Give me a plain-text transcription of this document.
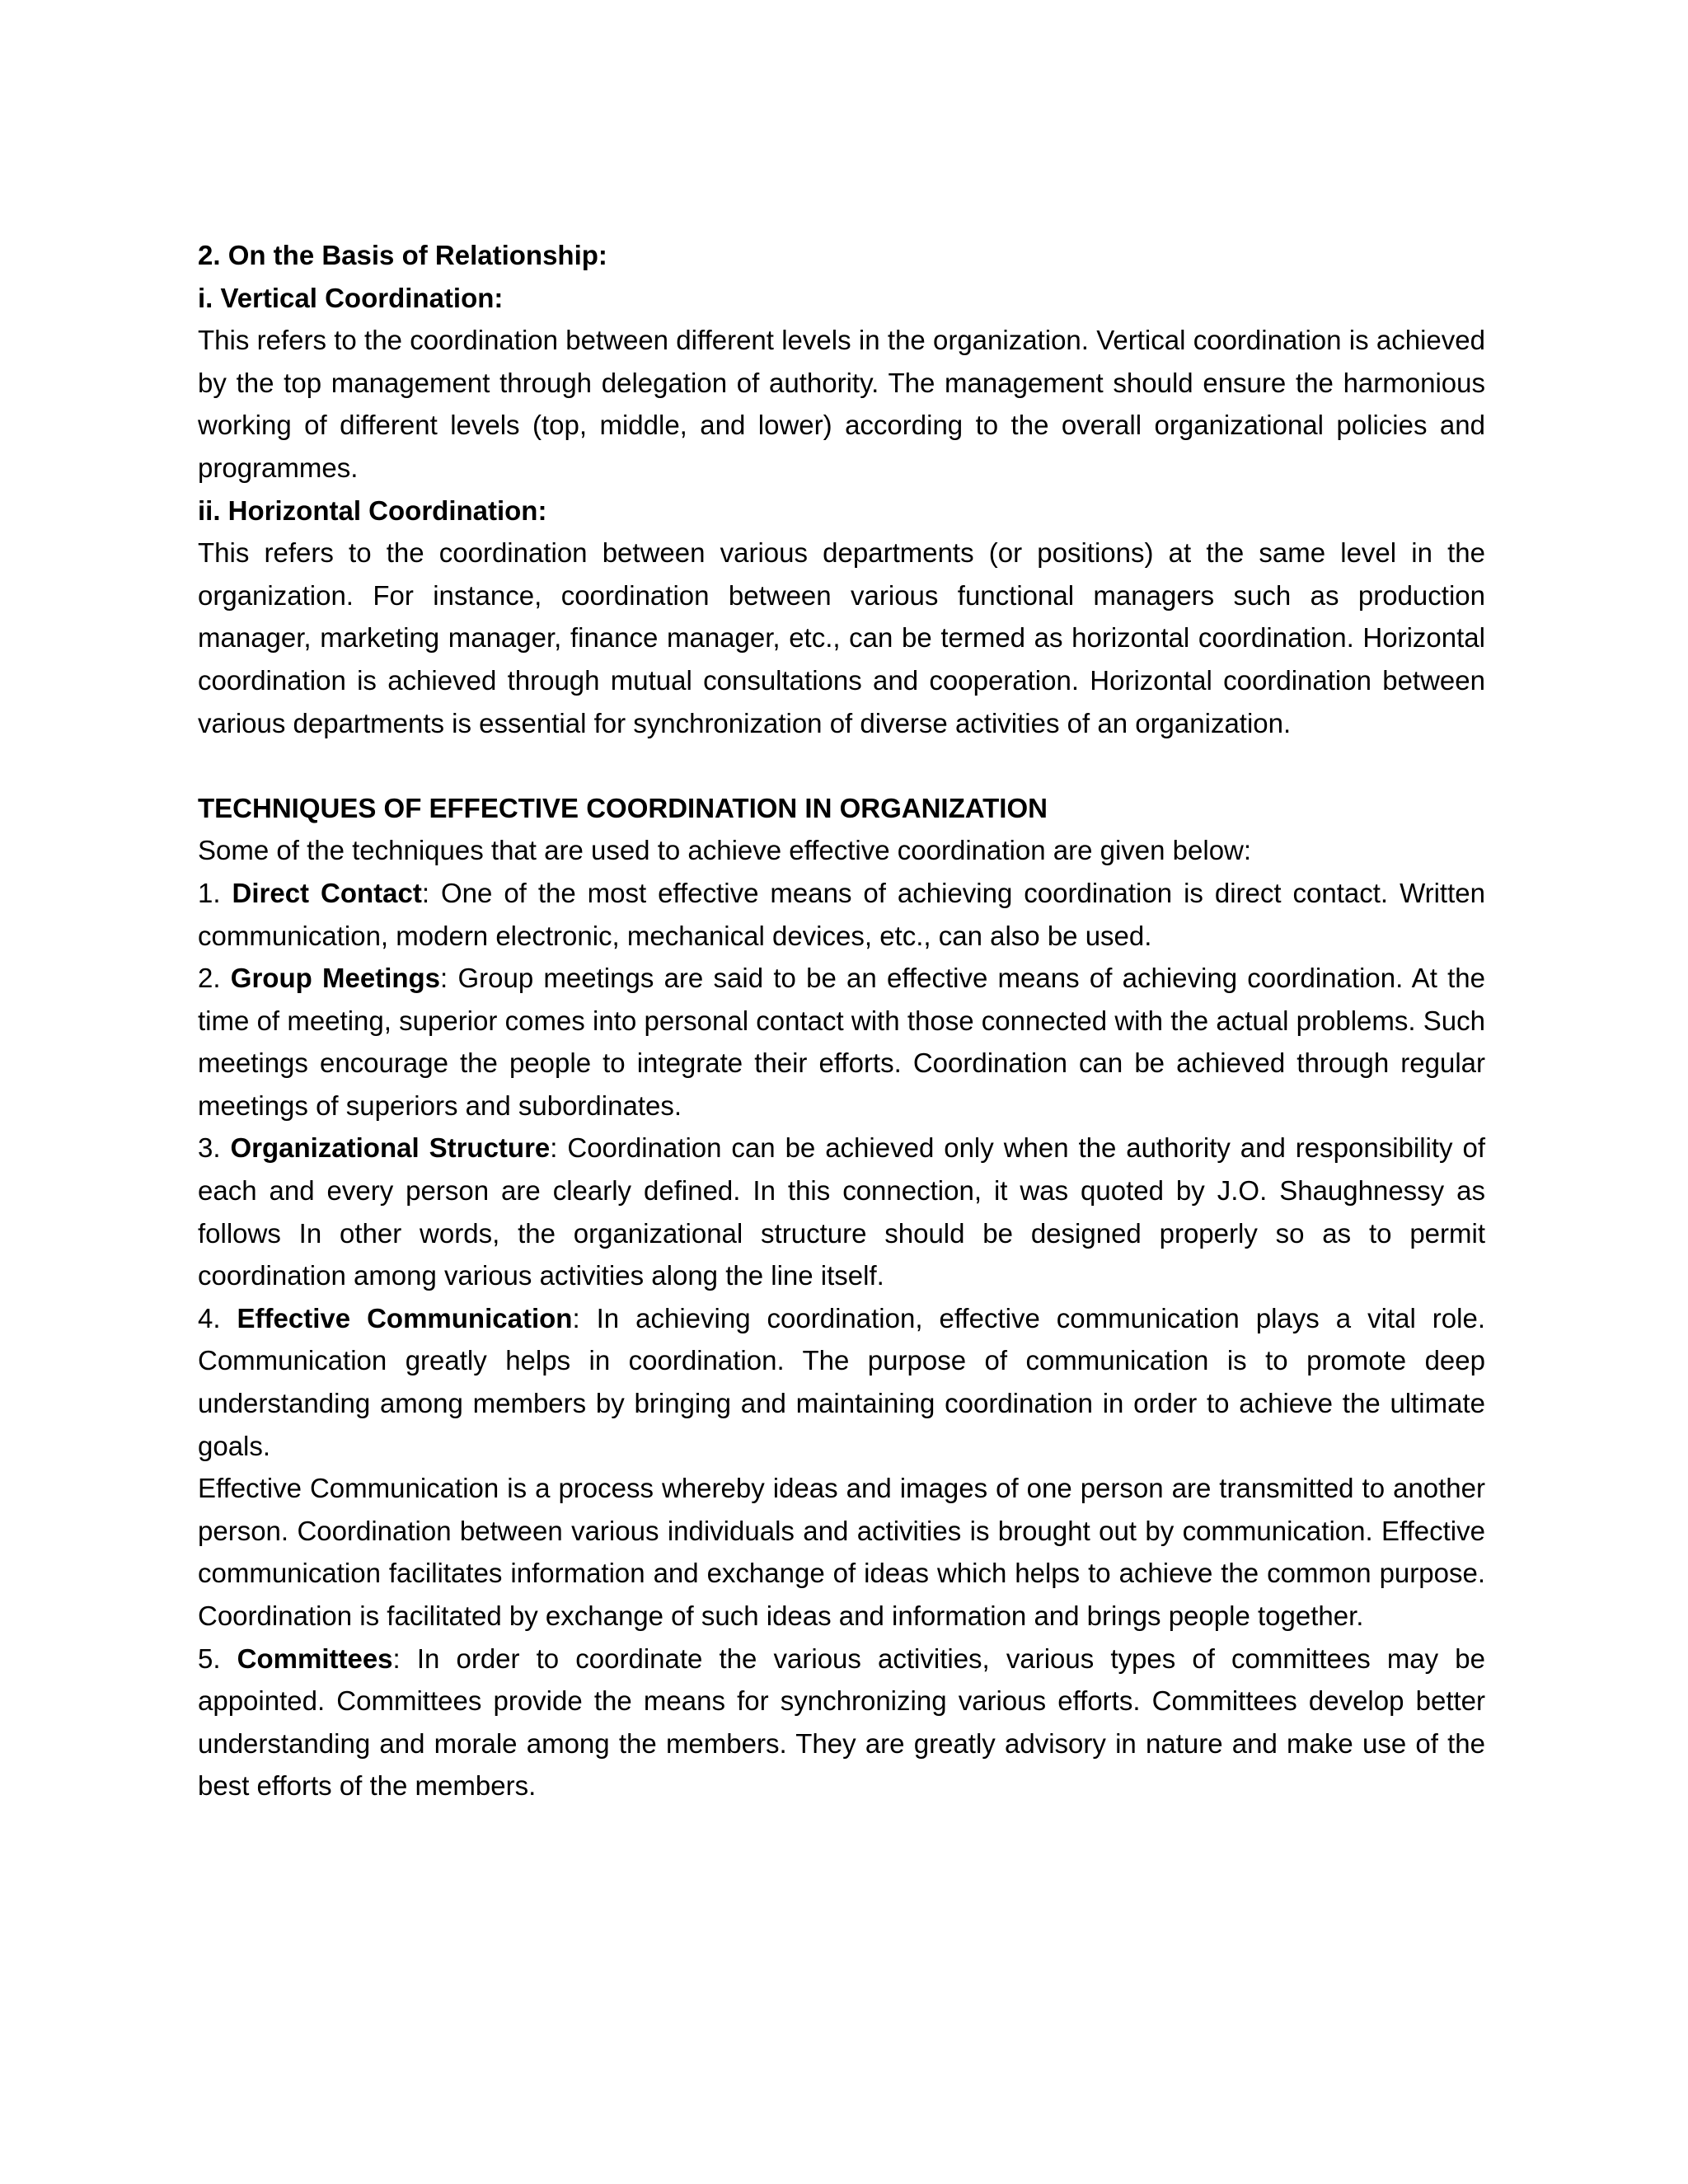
2. On the Basis of Relationship:

i. Vertical Coordination:

This refers to the coordination between different levels in the organization. Vertical coordination is achieved by the top management through delegation of authority. The management should ensure the harmonious working of different levels (top, middle, and lower) according to the overall organizational policies and programmes.

ii. Horizontal Coordination:

This refers to the coordination between various departments (or positions) at the same level in the organization. For instance, coordination between various functional managers such as production manager, marketing manager, finance manager, etc., can be termed as horizontal coordination. Horizontal coordination is achieved through mutual consultations and cooperation. Horizontal coordination between various departments is essential for synchronization of diverse activities of an organization.

TECHNIQUES OF EFFECTIVE COORDINATION IN ORGANIZATION

Some of the techniques that are used to achieve effective coordination are given below:

1. Direct Contact: One of the most effective means of achieving coordination is direct contact. Written communication, modern electronic, mechanical devices, etc., can also be used.

2. Group Meetings: Group meetings are said to be an effective means of achieving coordination. At the time of meeting, superior comes into personal contact with those connected with the actual problems. Such meetings encourage the people to integrate their efforts. Coordination can be achieved through regular meetings of superiors and subordinates.

3. Organizational Structure: Coordination can be achieved only when the authority and responsibility of each and every person are clearly defined. In this connection, it was quoted by J.O. Shaughnessy as follows In other words, the organizational structure should be designed properly so as to permit coordination among various activities along the line itself.

4. Effective Communication: In achieving coordination, effective communication plays a vital role. Communication greatly helps in coordination. The purpose of communication is to promote deep understanding among members by bringing and maintaining coordination in order to achieve the ultimate goals.

Effective Communication is a process whereby ideas and images of one person are transmitted to another person. Coordination between various individuals and activities is brought out by communication. Effective communication facilitates information and exchange of ideas which helps to achieve the common purpose. Coordination is facilitated by exchange of such ideas and information and brings people together.

5. Committees: In order to coordinate the various activities, various types of committees may be appointed. Committees provide the means for synchronizing various efforts. Committees develop better understanding and morale among the members. They are greatly advisory in nature and make use of the best efforts of the members.
